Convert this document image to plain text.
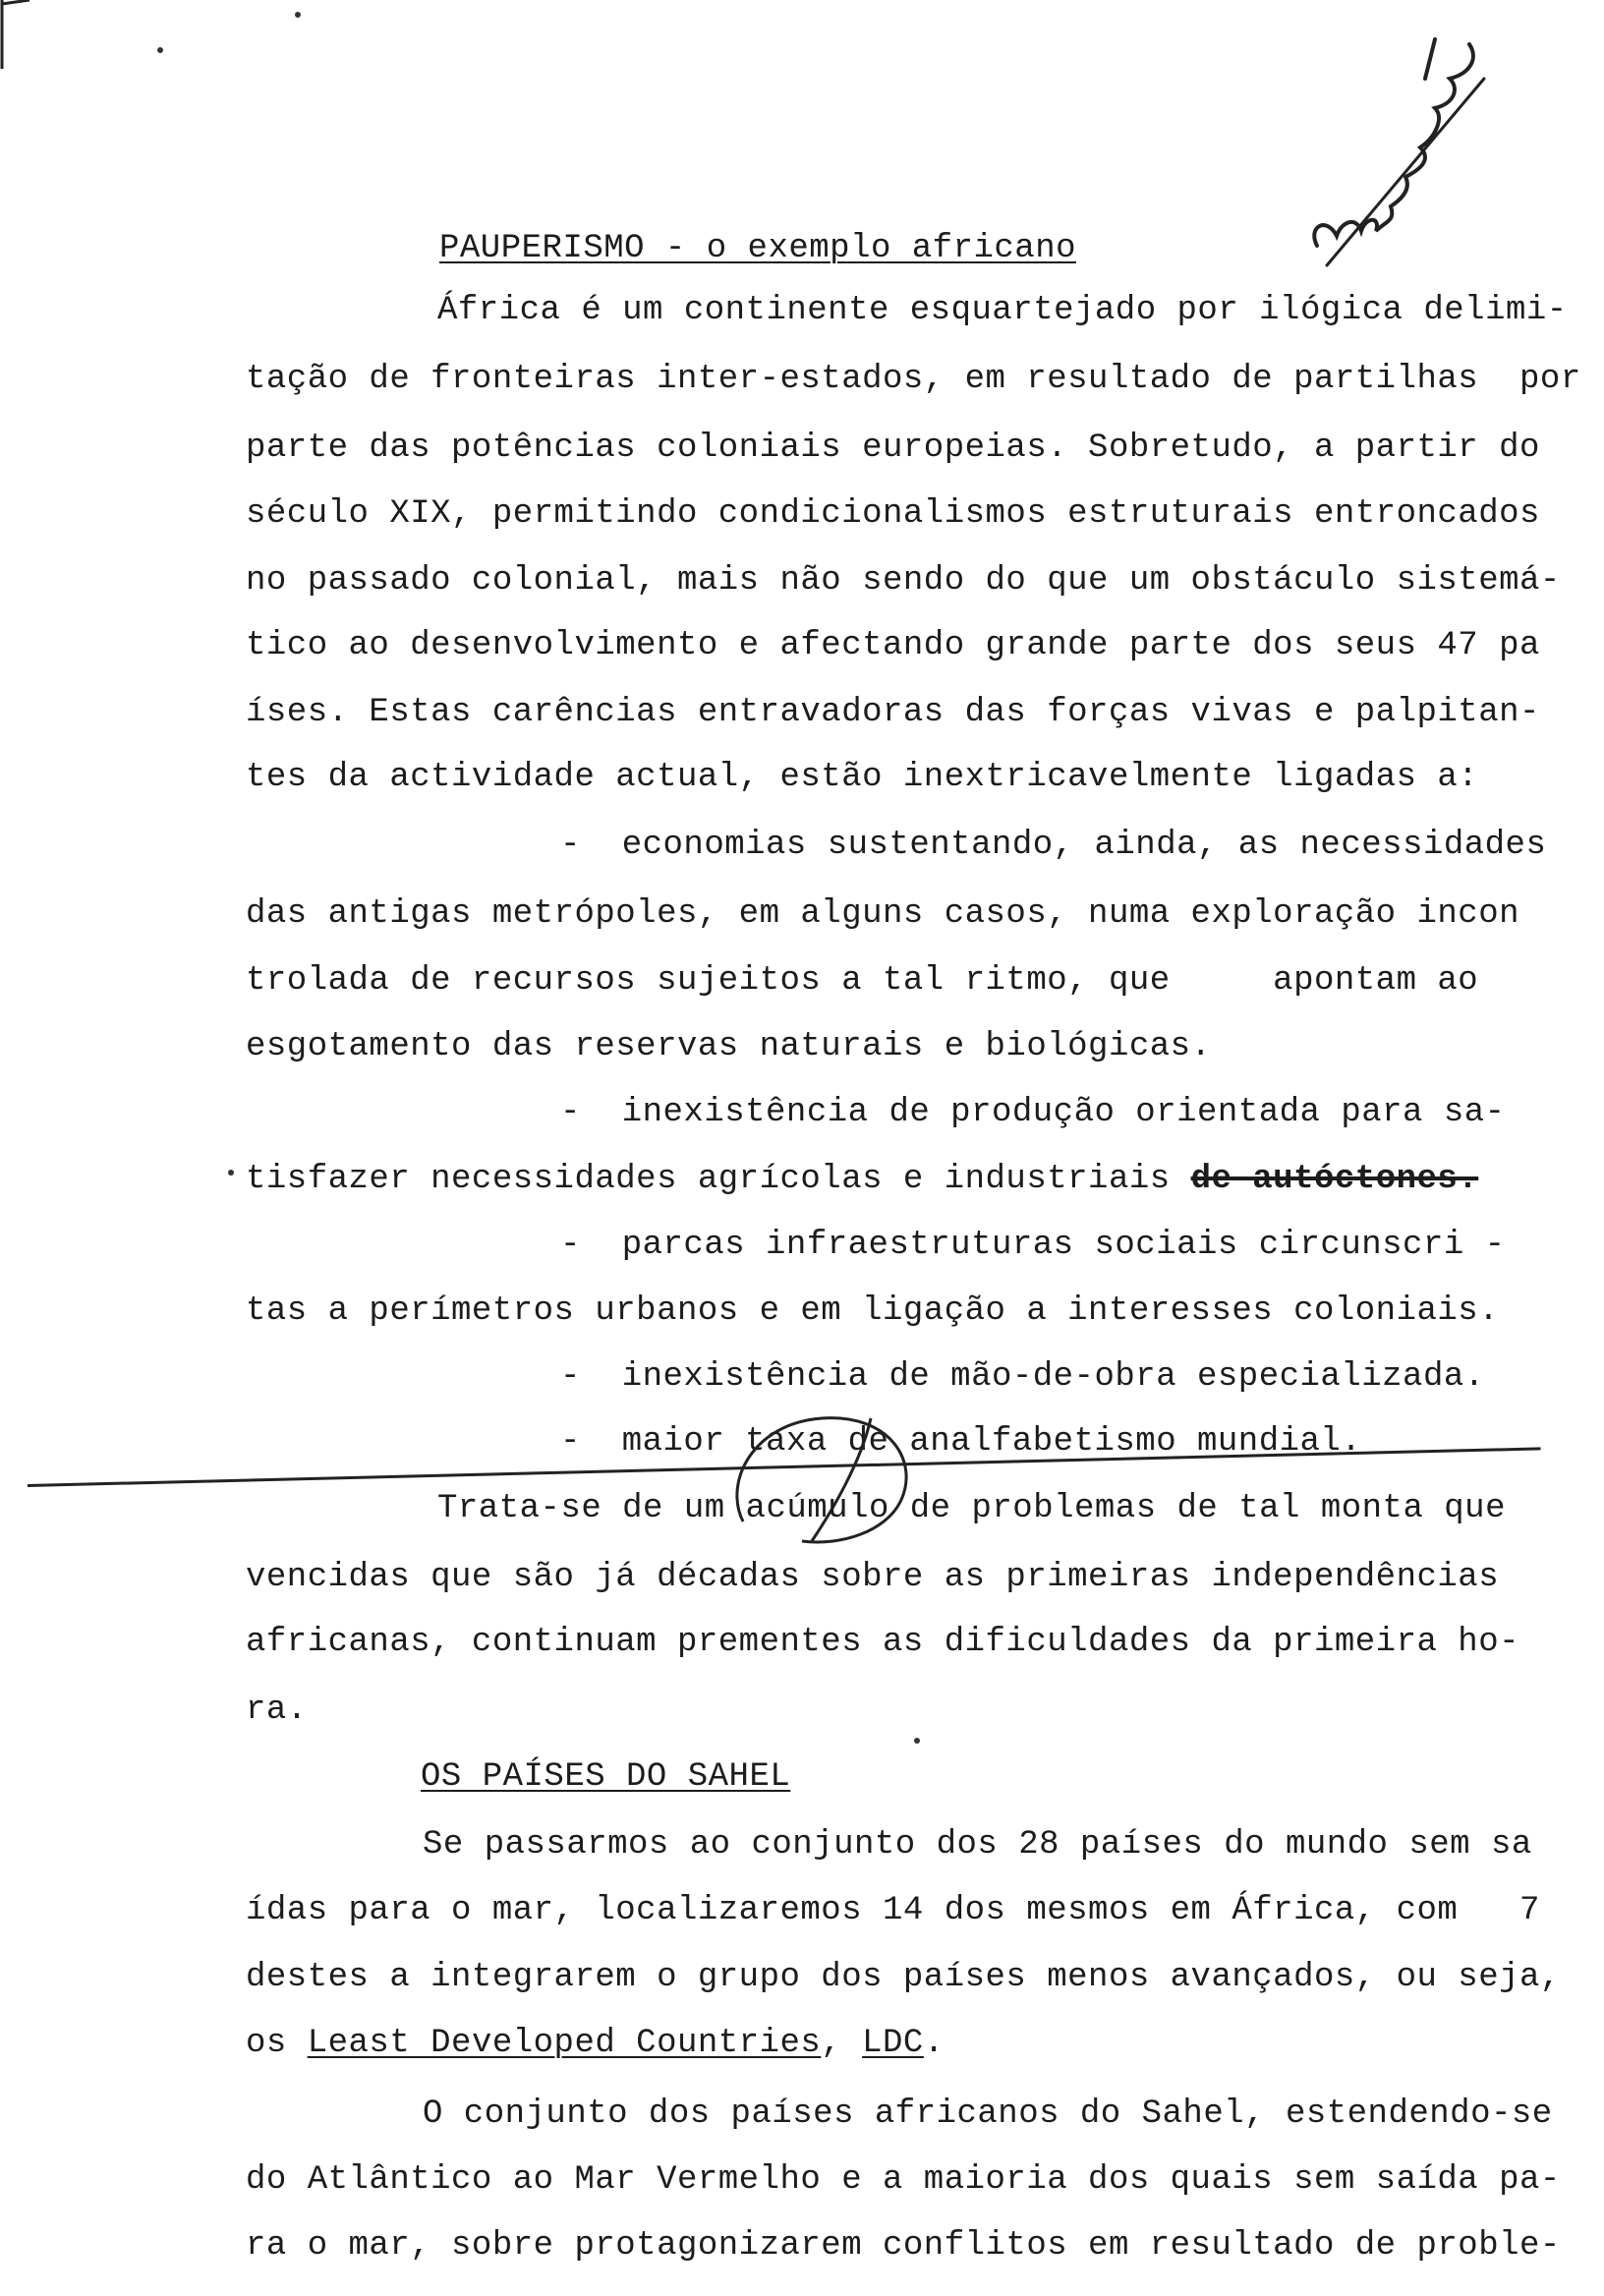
PAUPERISMO - o exemplo africano
África é um continente esquartejado por ilógica delimi-
tação de fronteiras inter-estados, em resultado de partilhas  por
parte das potências coloniais europeias. Sobretudo, a partir do
século XIX, permitindo condicionalismos estruturais entroncados
no passado colonial, mais não sendo do que um obstáculo sistemá-
tico ao desenvolvimento e afectando grande parte dos seus 47 pa
íses. Estas carências entravadoras das forças vivas e palpitan-
tes da actividade actual, estão inextricavelmente ligadas a:
-  economias sustentando, ainda, as necessidades
das antigas metrópoles, em alguns casos, numa exploração incon
trolada de recursos sujeitos a tal ritmo, que     apontam ao
esgotamento das reservas naturais e biológicas.
-  inexistência de produção orientada para sa-
tisfazer necessidades agrícolas e industriais de autóctones.
-  parcas infraestruturas sociais circunscri -
tas a perímetros urbanos e em ligação a interesses coloniais.
-  inexistência de mão-de-obra especializada.
-  maior taxa de analfabetismo mundial.
Trata-se de um acúmulo de problemas de tal monta que
vencidas que são já décadas sobre as primeiras independências
africanas, continuam prementes as dificuldades da primeira ho-
ra.
OS PAÍSES DO SAHEL
Se passarmos ao conjunto dos 28 países do mundo sem sa
ídas para o mar, localizaremos 14 dos mesmos em África, com   7
destes a integrarem o grupo dos países menos avançados, ou seja,
os Least Developed Countries, LDC.
O conjunto dos países africanos do Sahel, estendendo-se
do Atlântico ao Mar Vermelho e a maioria dos quais sem saída pa-
ra o mar, sobre protagonizarem conflitos em resultado de proble-
